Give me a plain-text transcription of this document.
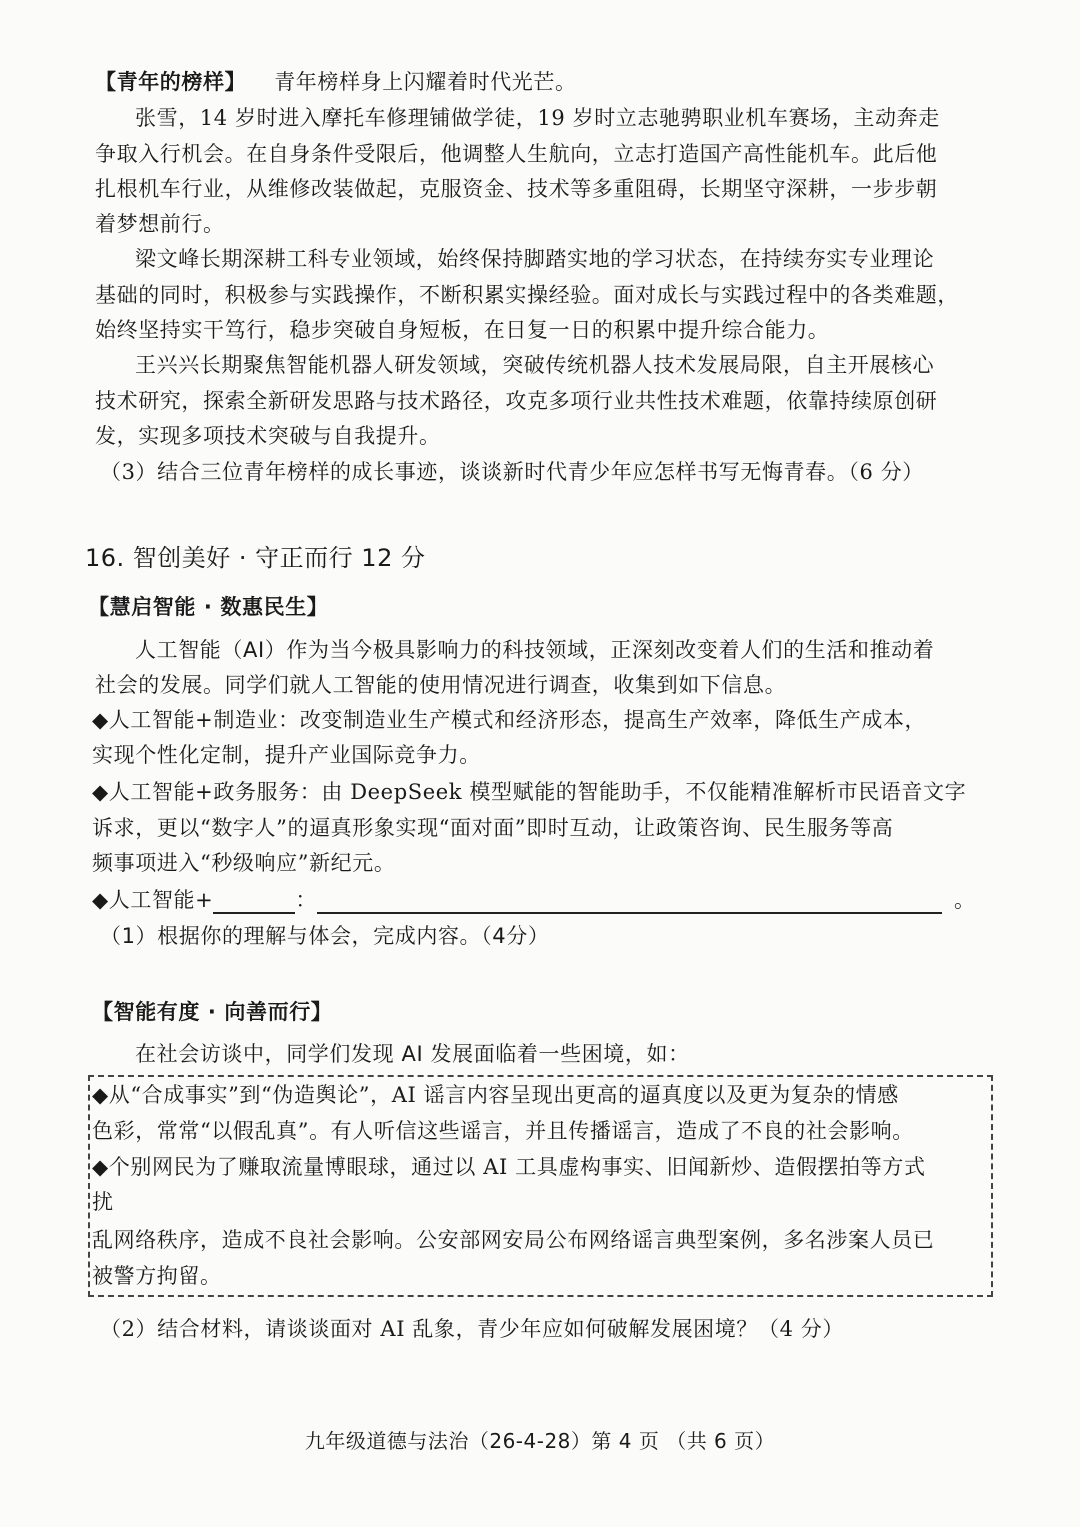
【青年的榜样】 青年榜样身上闪耀着时代光芒。
张雪，14 岁时进入摩托车修理铺做学徒，19 岁时立志驰骋职业机车赛场，主动奔走
争取入行机会。在自身条件受限后，他调整人生航向，立志打造国产高性能机车。此后他
扎根机车行业，从维修改装做起，克服资金、技术等多重阻碍，长期坚守深耕，一步步朝
着梦想前行。
梁文峰长期深耕工科专业领域，始终保持脚踏实地的学习状态，在持续夯实专业理论
基础的同时，积极参与实践操作，不断积累实操经验。面对成长与实践过程中的各类难题，
始终坚持实干笃行，稳步突破自身短板，在日复一日的积累中提升综合能力。
王兴兴长期聚焦智能机器人研发领域，突破传统机器人技术发展局限，自主开展核心
技术研究，探索全新研发思路与技术路径，攻克多项行业共性技术难题，依靠持续原创研
发，实现多项技术突破与自我提升。
（3）结合三位青年榜样的成长事迹，谈谈新时代青少年应怎样书写无悔青春。（6 分）
16. 智创美好 · 守正而行 12 分
【慧启智能 · 数惠民生】
人工智能（AI）作为当今极具影响力的科技领域，正深刻改变着人们的生活和推动着
社会的发展。同学们就人工智能的使用情况进行调查，收集到如下信息。
◆人工智能+制造业：改变制造业生产模式和经济形态，提高生产效率，降低生产成本，
实现个性化定制，提升产业国际竞争力。
◆人工智能+政务服务：由 DeepSeek 模型赋能的智能助手，不仅能精准解析市民语音文字
诉求，更以“数字人”的逼真形象实现“面对面”即时互动，让政策咨询、民生服务等高
频事项进入“秒级响应”新纪元。
◆人工智能+	：	。
（1）根据你的理解与体会，完成内容。（4分）
【智能有度 · 向善而行】
在社会访谈中，同学们发现 AI 发展面临着一些困境，如：
◆从“合成事实”到“伪造舆论”，AI 谣言内容呈现出更高的逼真度以及更为复杂的情感
色彩，常常“以假乱真”。有人听信这些谣言，并且传播谣言，造成了不良的社会影响。
◆个别网民为了赚取流量博眼球，通过以 AI 工具虚构事实、旧闻新炒、造假摆拍等方式
扰
乱网络秩序，造成不良社会影响。公安部网安局公布网络谣言典型案例，多名涉案人员已
被警方拘留。
（2）结合材料，请谈谈面对 AI 乱象，青少年应如何破解发展困境？（4 分）
九年级道德与法治（26-4-28）第 4 页 （共 6 页）
